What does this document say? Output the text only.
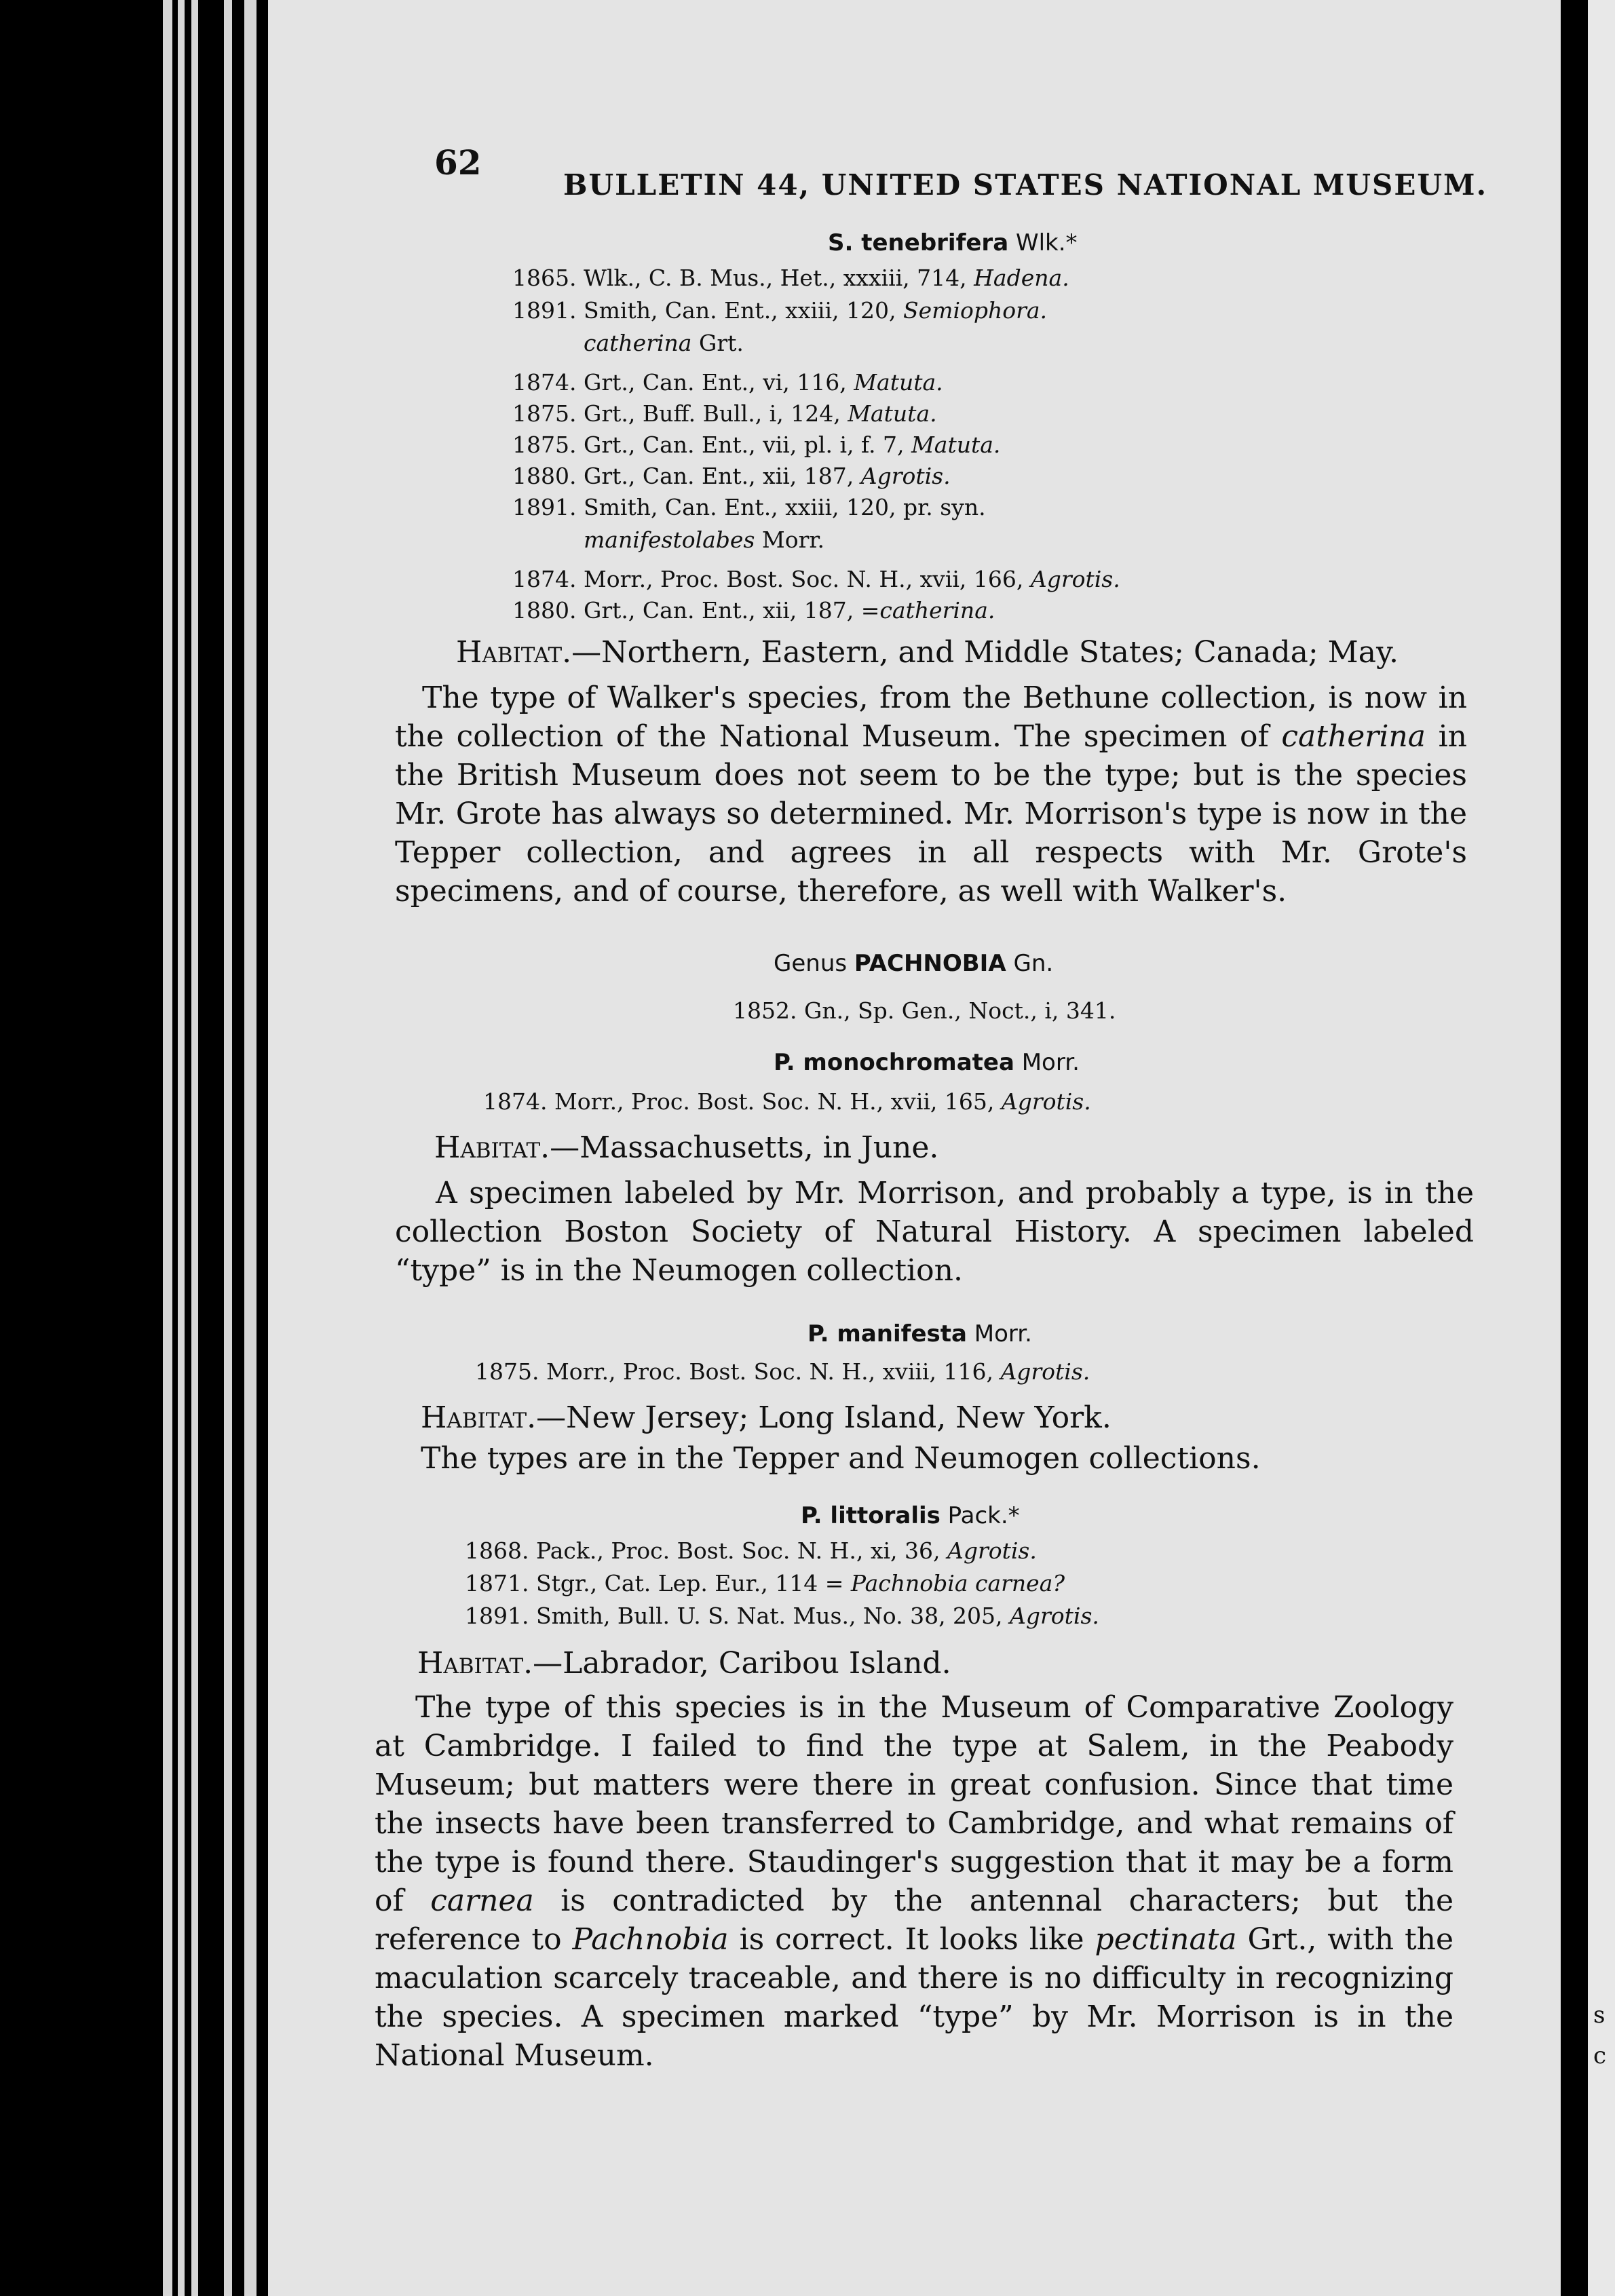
s
c
62
BULLETIN 44, UNITED STATES NATIONAL MUSEUM.
S. tenebrifera Wlk.*
1865. Wlk., C. B. Mus., Het., xxxiii, 714, Hadena.
1891. Smith, Can. Ent., xxiii, 120, Semiophora.
catherina Grt.
1874. Grt., Can. Ent., vi, 116, Matuta.
1875. Grt., Buff. Bull., i, 124, Matuta.
1875. Grt., Can. Ent., vii, pl. i, f. 7, Matuta.
1880. Grt., Can. Ent., xii, 187, Agrotis.
1891. Smith, Can. Ent., xxiii, 120, pr. syn.
manifestolabes Morr.
1874. Morr., Proc. Bost. Soc. N. H., xvii, 166, Agrotis.
1880. Grt., Can. Ent., xii, 187, =catherina.
Habitat.—Northern, Eastern, and Middle States; Canada; May.

The type of Walker's species, from the Bethune collection, is now in the collection of the National Museum. The specimen of catherina in the British Museum does not seem to be the type; but is the species Mr. Grote has always so determined. Mr. Morrison's type is now in the Tepper collection, and agrees in all respects with Mr. Grote's specimens, and of course, therefore, as well with Walker's.

Genus PACHNOBIA Gn.
1852. Gn., Sp. Gen., Noct., i, 341.
P. monochromatea Morr.
1874. Morr., Proc. Bost. Soc. N. H., xvii, 165, Agrotis.
Habitat.—Massachusetts, in June.

A specimen labeled by Mr. Morrison, and probably a type, is in the collection Boston Society of Natural History. A specimen labeled “type” is in the Neumogen collection.

P. manifesta Morr.
1875. Morr., Proc. Bost. Soc. N. H., xviii, 116, Agrotis.
Habitat.—New Jersey; Long Island, New York.
The types are in the Tepper and Neumogen collections.
P. littoralis Pack.*
1868. Pack., Proc. Bost. Soc. N. H., xi, 36, Agrotis.
1871. Stgr., Cat. Lep. Eur., 114 = Pachnobia carnea?
1891. Smith, Bull. U. S. Nat. Mus., No. 38, 205, Agrotis.
Habitat.—Labrador, Caribou Island.

The type of this species is in the Museum of Comparative Zoology at Cambridge. I failed to find the type at Salem, in the Peabody Museum; but matters were there in great confusion. Since that time the insects have been transferred to Cambridge, and what remains of the type is found there. Staudinger's suggestion that it may be a form of carnea is contradicted by the antennal characters; but the reference to Pachnobia is correct. It looks like pectinata Grt., with the maculation scarcely traceable, and there is no difficulty in recognizing the species. A specimen marked “type” by Mr. Morrison is in the National Museum.
